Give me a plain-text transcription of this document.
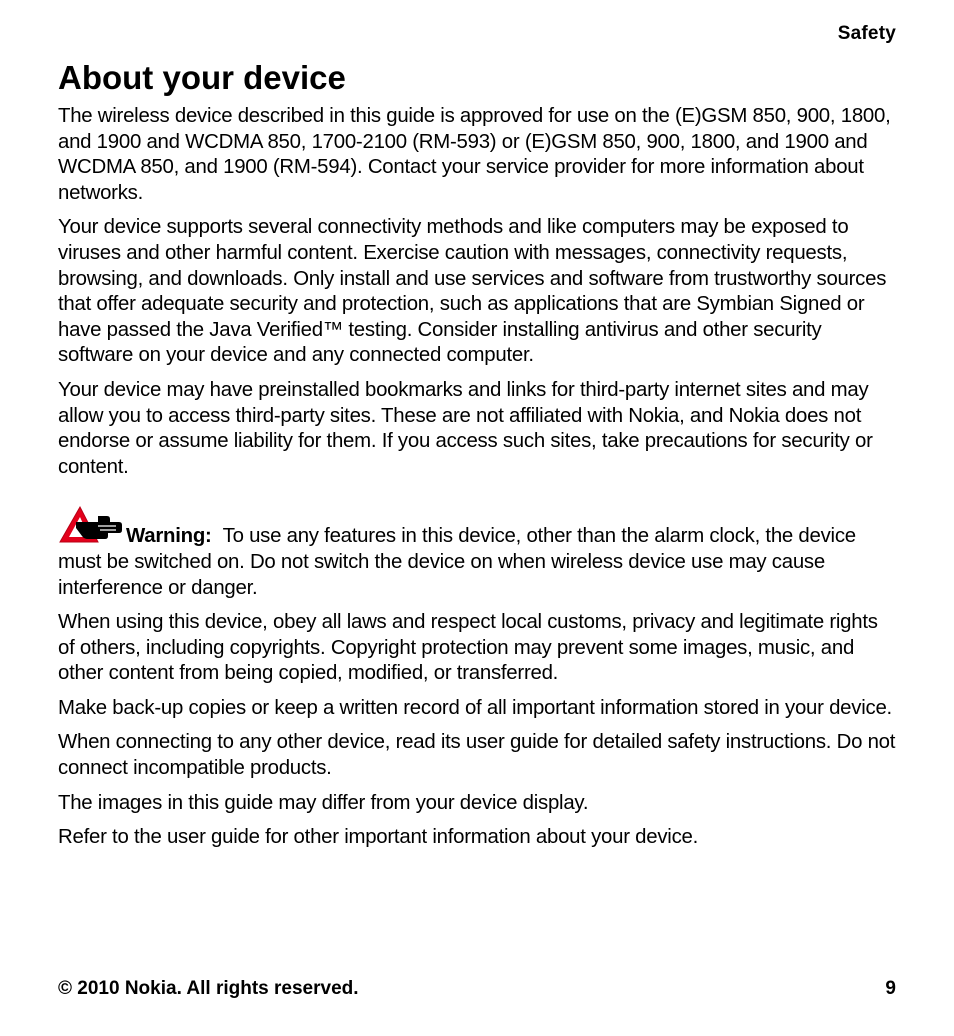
Safety
About your device

The wireless device described in this guide is approved for use on the (E)GSM 850, 900, 1800, and 1900 and WCDMA 850, 1700-2100 (RM-593) or (E)GSM 850, 900, 1800, and 1900 and WCDMA 850, and 1900 (RM-594). Contact your service provider for more information about networks.

Your device supports several connectivity methods and like computers may be exposed to viruses and other harmful content. Exercise caution with messages, connectivity requests, browsing, and downloads. Only install and use services and software from trustworthy sources that offer adequate security and protection, such as applications that are Symbian Signed or have passed the Java Verified™ testing. Consider installing antivirus and other security software on your device and any connected computer.

Your device may have preinstalled bookmarks and links for third-party internet sites and may allow you to access third-party sites. These are not affiliated with Nokia, and Nokia does not endorse or assume liability for them. If you access such sites, take precautions for security or content.

Warning: To use any features in this device, other than the alarm clock, the device must be switched on. Do not switch the device on when wireless device use may cause interference or danger.

When using this device, obey all laws and respect local customs, privacy and legitimate rights of others, including copyrights. Copyright protection may prevent some images, music, and other content from being copied, modified, or transferred.

Make back-up copies or keep a written record of all important information stored in your device.

When connecting to any other device, read its user guide for detailed safety instructions. Do not connect incompatible products.

The images in this guide may differ from your device display.

Refer to the user guide for other important information about your device.

© 2010 Nokia. All rights reserved.	9
